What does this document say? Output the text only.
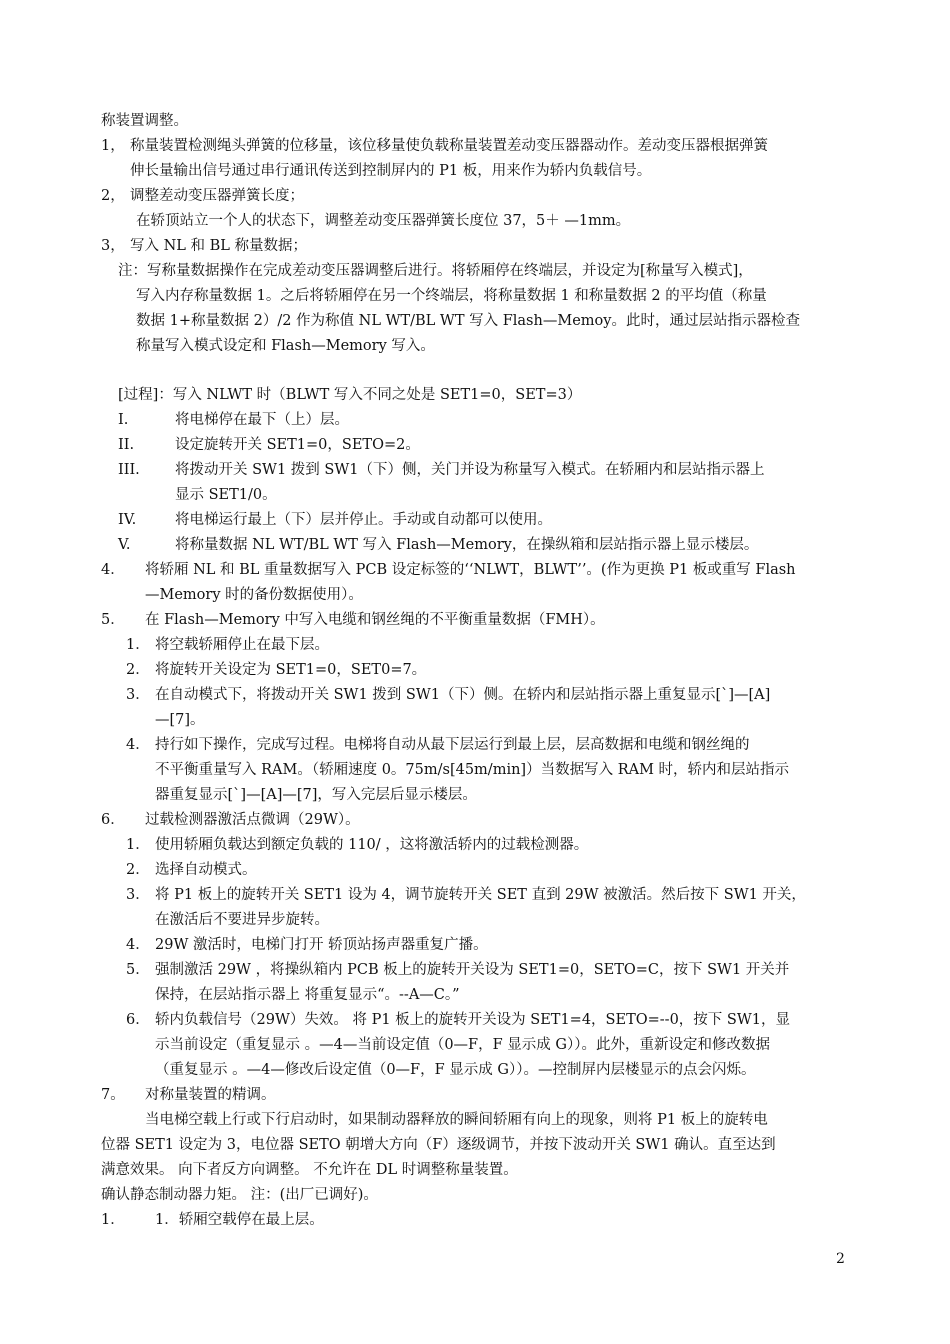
称装置调整。
1， 称量装置检测绳头弹簧的位移量，该位移量使负载称量装置差动变压器器动作。差动变压器根据弹簧
伸长量输出信号通过串行通讯传送到控制屏内的 P1 板，用来作为轿内负载信号。
2， 调整差动变压器弹簧长度；
在轿顶站立一个人的状态下，调整差动变压器弹簧长度位 37，5＋ —1mm。
3， 写入 NL 和 BL 称量数据；
注：写称量数据操作在完成差动变压器调整后进行。将轿厢停在终端层，并设定为[称量写入模式]，
写入内存称量数据 1。之后将轿厢停在另一个终端层，将称量数据 1 和称量数据 2 的平均值（称量
数据 1+称量数据 2）/2 作为称值 NL WT/BL WT 写入 Flash—Memoy。此时，通过层站指示器检查
称量写入模式设定和 Flash—Memory 写入。
[过程]：写入 NLWT 时（BLWT 写入不同之处是 SET1=0，SET=3）
I.	将电梯停在最下（上）层。
II.	设定旋转开关 SET1=0，SETO=2。
III. 将拨动开关 SW1 拨到 SW1（下）侧，关门并设为称量写入模式。在轿厢内和层站指示器上
显示 SET1/0。
IV.	将电梯运行最上（下）层并停止。手动或自动都可以使用。
V.	将称量数据 NL WT/BL WT 写入 Flash—Memory，在操纵箱和层站指示器上显示楼层。
4． 将轿厢 NL 和 BL 重量数据写入 PCB 设定标签的‘‘NLWT，BLWT’’。(作为更换 P1 板或重写 Flash
—Memory 时的备份数据使用）。
5． 在 Flash—Memory 中写入电缆和钢丝绳的不平衡重量数据（FMH）。
1． 将空载轿厢停止在最下层。
2． 将旋转开关设定为 SET1=0，SET0=7。
3． 在自动模式下，将拨动开关 SW1 拨到 SW1（下）侧。在轿内和层站指示器上重复显示[ˋ]—[A]
—[7]。
4． 持行如下操作，完成写过程。电梯将自动从最下层运行到最上层，层高数据和电缆和钢丝绳的
不平衡重量写入 RAM。（轿厢速度 0。75m/s[45m/min]）当数据写入 RAM 时，轿内和层站指示
器重复显示[ˋ]—[A]—[7]，写入完层后显示楼层。
6． 过载检测器激活点微调（29W）。
1． 使用轿厢负载达到额定负载的 110/ ，这将激活轿内的过载检测器。
2． 选择自动模式。
3． 将 P1 板上的旋转开关 SET1 设为 4，调节旋转开关 SET 直到 29W 被激活。然后按下 SW1 开关，
在激活后不要进异步旋转。
4． 29W 激活时，电梯门打开 轿顶站扬声器重复广播。
5． 强制激活 29W ，将操纵箱内 PCB 板上的旋转开关设为 SET1=0，SETO=C，按下 SW1 开关并
保持，在层站指示器上 将重复显示“。--A—C。”
6． 轿内负载信号（29W）失效。 将 P1 板上的旋转开关设为 SET1=4，SETO=--0，按下 SW1，显
示当前设定（重复显示 。—4—当前设定值（0—F，F 显示成 G））。此外，重新设定和修改数据
（重复显示 。—4—修改后设定值（0—F，F 显示成 G））。—控制屏内层楼显示的点会闪烁。
7。 对称量装置的精调。
当电梯空载上行或下行启动时，如果制动器释放的瞬间轿厢有向上的现象，则将 P1 板上的旋转电
位器 SET1 设定为 3，电位器 SETO 朝增大方向（F）逐级调节，并按下波动开关 SW1 确认。直至达到
满意效果。 向下者反方向调整。 不允许在 DL 时调整称量装置。
确认静态制动器力矩。 注：(出厂已调好)。
1． 1．轿厢空载停在最上层。
2
